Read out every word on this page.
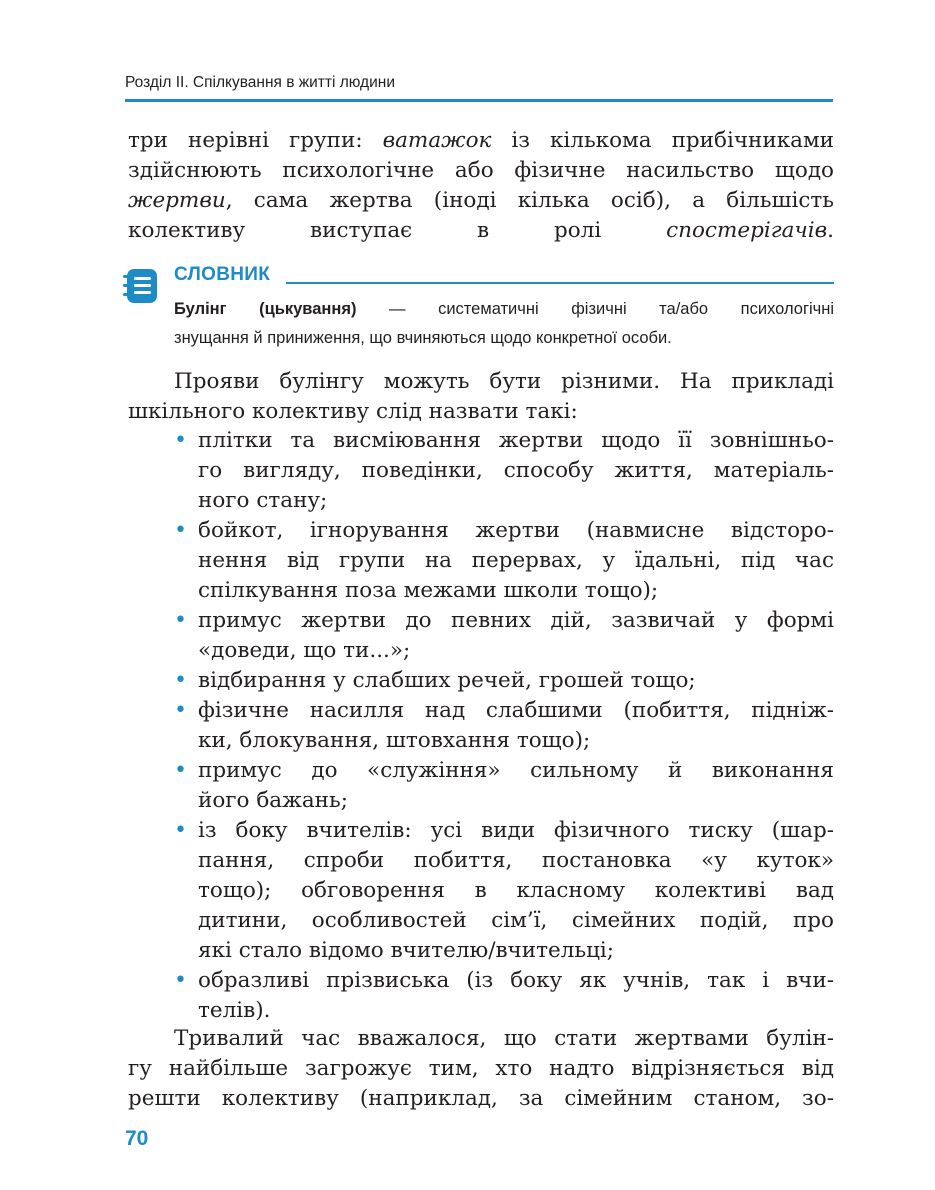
Розділ ІІ. Спілкування в житті людини
три нерівні групи: ватажок із кількома прибічниками
здійснюють психологічне або фізичне насильство щодо
жертви, сама жертва (іноді кілька осіб), а більшість
колективу виступає в ролі спостерігачів.
СЛОВНИК
Булінг (цькування) — систематичні фізичні та/або психологічні
знущання й приниження, що вчиняються щодо конкретної особи.
Прояви булінгу можуть бути різними. На прикладі
шкільного колективу слід назвати такі:
• плітки та висміювання жертви щодо її зовнішньо-
го вигляду, поведінки, способу життя, матеріаль-
ного стану;
• бойкот, ігнорування жертви (навмисне відсторо-
нення від групи на перервах, у їдальні, під час
спілкування поза межами школи тощо);
• примус жертви до певних дій, зазвичай у формі
«доведи, що ти...»;
• відбирання у слабших речей, грошей тощо;
• фізичне насилля над слабшими (побиття, підніж-
ки, блокування, штовхання тощо);
• примус до «служіння» сильному й виконання
його бажань;
• із боку вчителів: усі види фізичного тиску (шар-
пання, спроби побиття, постановка «у куток»
тощо); обговорення в класному колективі вад
дитини, особливостей сім’ї, сімейних подій, про
які стало відомо вчителю/вчительці;
• образливі прізвиська (із боку як учнів, так і вчи-
телів).
Тривалий час вважалося, що стати жертвами булін-
гу найбільше загрожує тим, хто надто відрізняється від
решти колективу (наприклад, за сімейним станом, зо-
70
